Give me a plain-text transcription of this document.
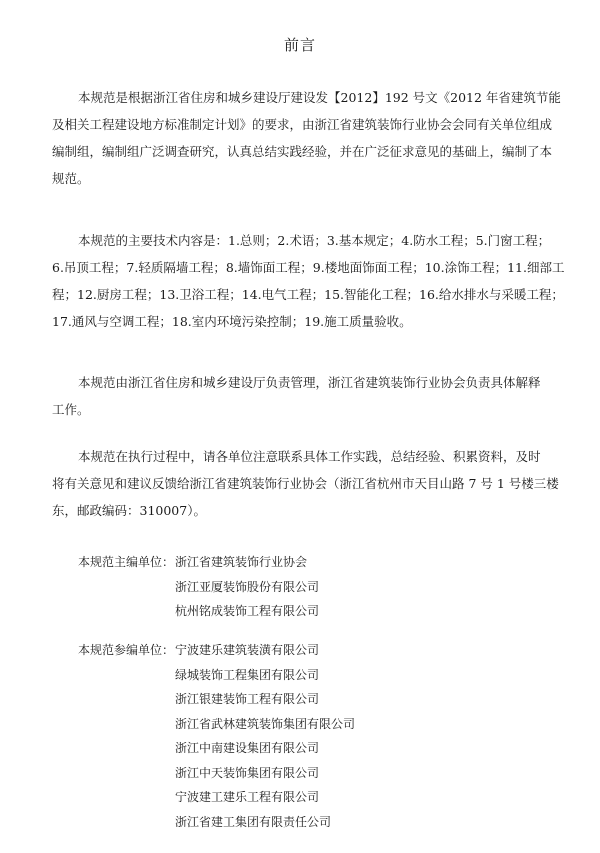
前言
本规范是根据浙江省住房和城乡建设厅建设发【2012】192 号文《2012 年省建筑节能
及相关工程建设地方标准制定计划》的要求，由浙江省建筑装饰行业协会会同有关单位组成
编制组，编制组广泛调查研究，认真总结实践经验，并在广泛征求意见的基础上，编制了本
规范。
本规范的主要技术内容是：1.总则；2.术语；3.基本规定；4.防水工程；5.门窗工程；
6.吊顶工程；7.轻质隔墙工程；8.墙饰面工程；9.楼地面饰面工程；10.涂饰工程；11.细部工
程；12.厨房工程；13.卫浴工程；14.电气工程；15.智能化工程；16.给水排水与采暖工程；
17.通风与空调工程；18.室内环境污染控制；19.施工质量验收。
本规范由浙江省住房和城乡建设厅负责管理，浙江省建筑装饰行业协会负责具体解释
工作。
本规范在执行过程中，请各单位注意联系具体工作实践，总结经验、积累资料，及时
将有关意见和建议反馈给浙江省建筑装饰行业协会（浙江省杭州市天目山路 7 号 1 号楼三楼
东，邮政编码：310007）。
本规范主编单位：浙江省建筑装饰行业协会
浙江亚厦装饰股份有限公司
杭州铭成装饰工程有限公司
本规范参编单位：宁波建乐建筑装潢有限公司
绿城装饰工程集团有限公司
浙江银建装饰工程有限公司
浙江省武林建筑装饰集团有限公司
浙江中南建设集团有限公司
浙江中天装饰集团有限公司
宁波建工建乐工程有限公司
浙江省建工集团有限责任公司
